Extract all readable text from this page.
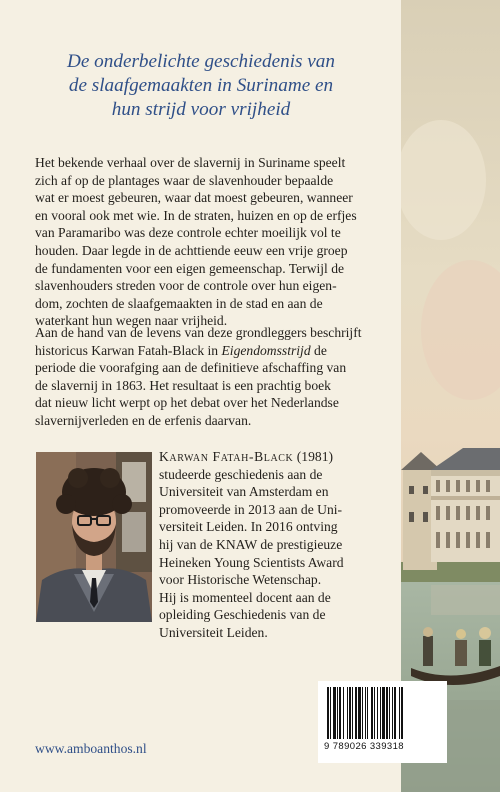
De onderbelichte geschiedenis van
de slaafgemaakten in Suriname en
hun strijd voor vrijheid
Het bekende verhaal over de slavernij in Suriname speelt
zich af op de plantages waar de slavenhouder bepaalde
wat er moest gebeuren, waar dat moest gebeuren, wanneer
en vooral ook met wie. In de straten, huizen en op de erfjes
van Paramaribo was deze controle echter moeilijk vol te
houden. Daar legde in de achttiende eeuw een vrije groep
de fundamenten voor een eigen gemeenschap. Terwijl de
slavenhouders streden voor de controle over hun eigen-
dom, zochten de slaafgemaakten in de stad en aan de
waterkant hun wegen naar vrijheid.
Aan de hand van de levens van deze grondleggers beschrijft
historicus Karwan Fatah-Black in Eigendomsstrijd de
periode die voorafging aan de definitieve afschaffing van
de slavernij in 1863. Het resultaat is een prachtig boek
dat nieuw licht werpt op het debat over het Nederlandse
slavernijverleden en de erfenis daarvan.
Karwan Fatah-Black (1981)
studeerde geschiedenis aan de
Universiteit van Amsterdam en
promoveerde in 2013 aan de Uni-
versiteit Leiden. In 2016 ontving
hij van de KNAW de prestigieuze
Heineken Young Scientists Award
voor Historische Wetenschap.
Hij is momenteel docent aan de
opleiding Geschiedenis van de
Universiteit Leiden.
www.amboanthos.nl	9 789026 339318
